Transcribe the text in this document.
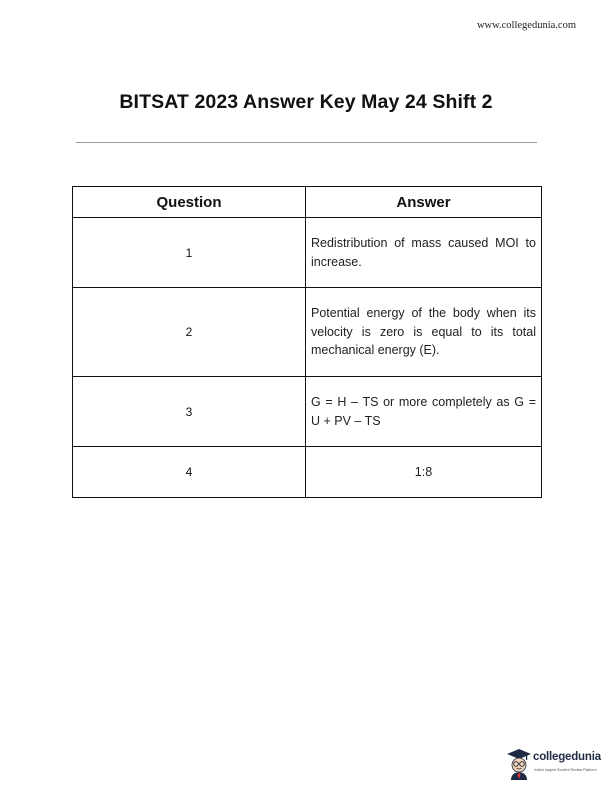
www.collegedunia.com
BITSAT 2023 Answer Key May 24 Shift 2
Question	Answer
1	Redistribution of mass caused MOI to increase.
2	Potential energy of the body when its velocity is zero is equal to its total mechanical energy (E).
3	G = H – TS or more completely as G = U + PV – TS
4	1:8
collegedunia
India's largest Student Review Platform
